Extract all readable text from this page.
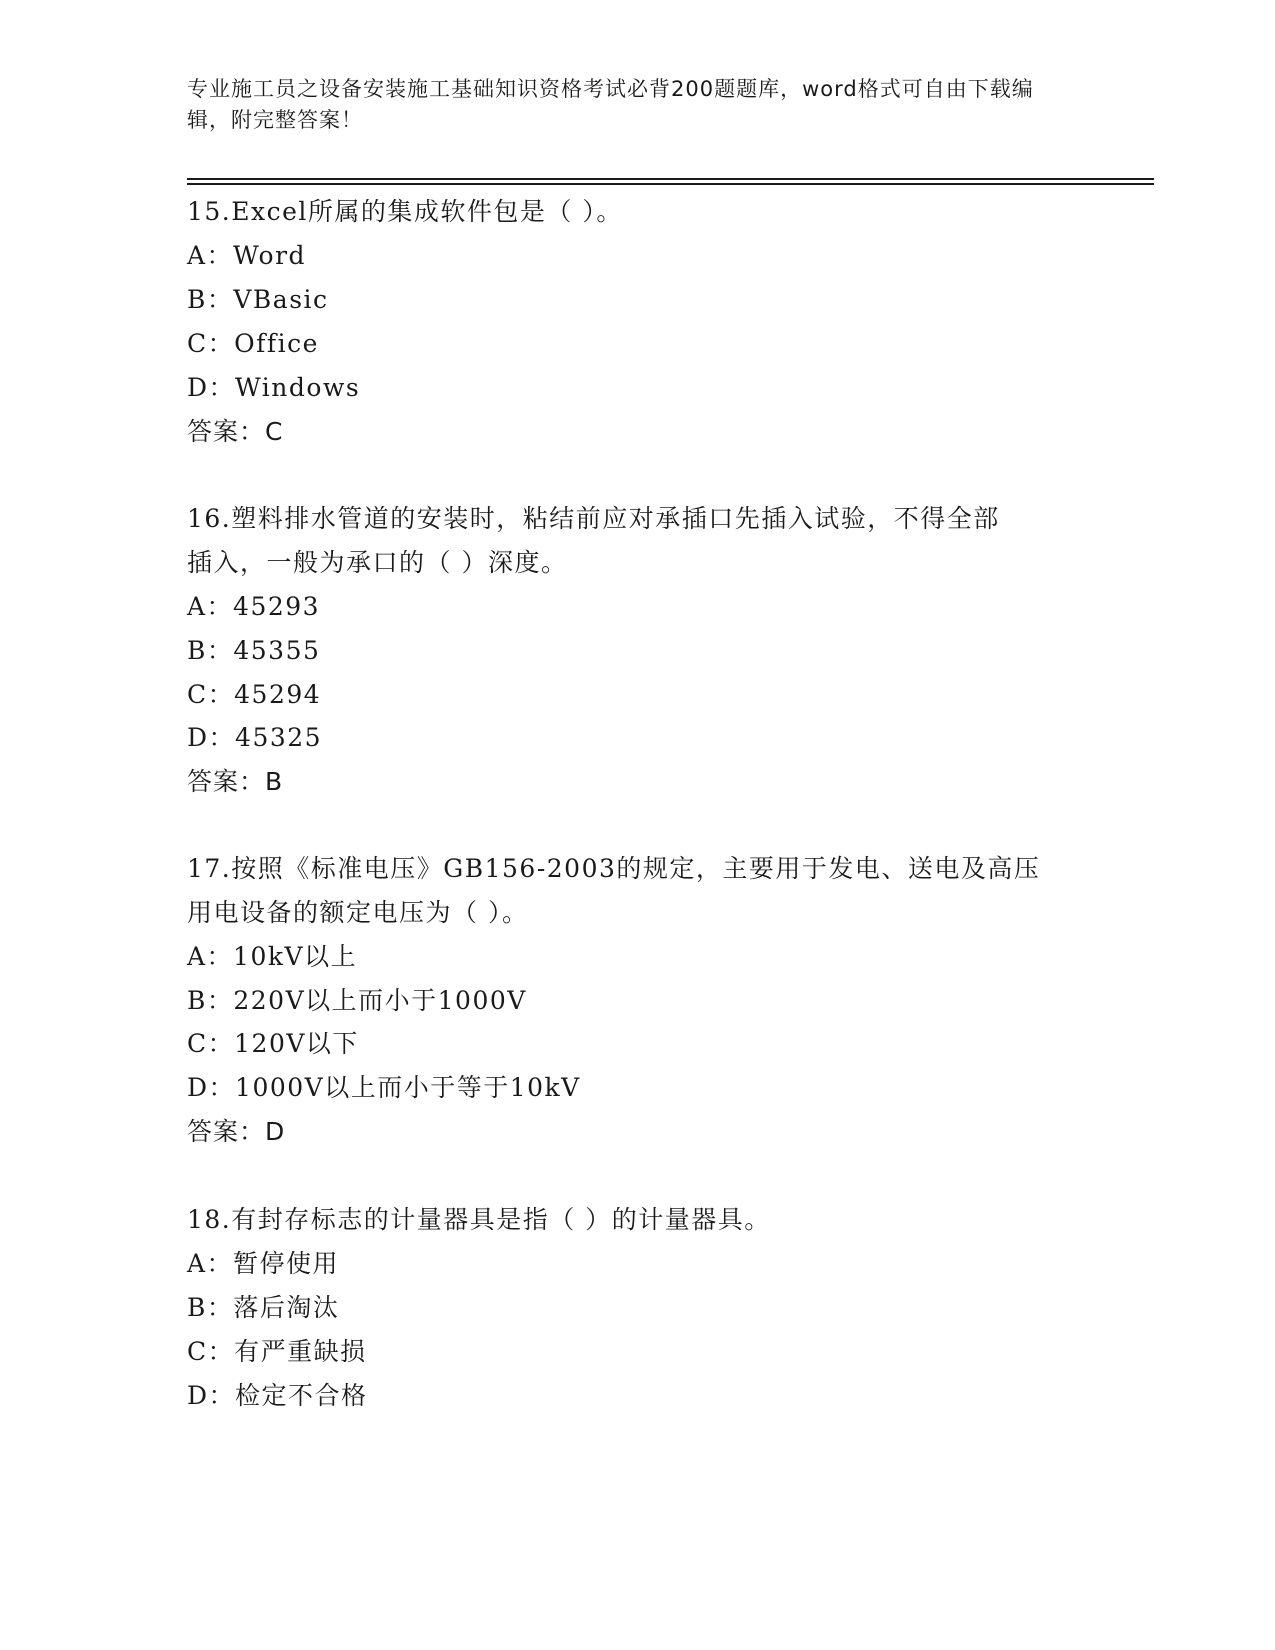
专业施工员之设备安装施工基础知识资格考试必背200题题库，word格式可自由下载编辑，附完整答案！
15.Excel所属的集成软件包是（ ）。
A：Word
B：VBasic
C：Office
D：Windows
答案：C
16.塑料排水管道的安装时，粘结前应对承插口先插入试验，不得全部
插入，一般为承口的（ ）深度。
A：45293
B：45355
C：45294
D：45325
答案：B
17.按照《标准电压》GB156-2003的规定，主要用于发电、送电及高压
用电设备的额定电压为（ ）。
A：10kV以上
B：220V以上而小于1000V
C：120V以下
D：1000V以上而小于等于10kV
答案：D
18.有封存标志的计量器具是指（ ）的计量器具。
A：暂停使用
B：落后淘汰
C：有严重缺损
D：检定不合格
